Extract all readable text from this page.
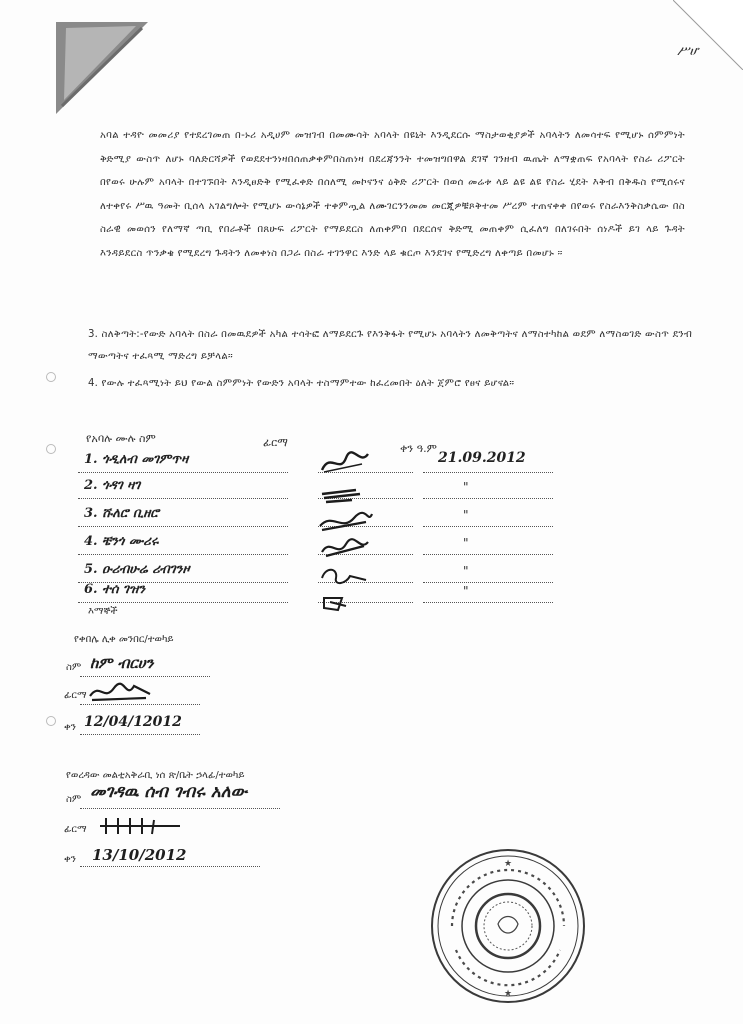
ሥሆ
አባል ተዳዮ መመሪያ የተደረገመጠ በ-ኑሪ አዲሀም መዝገብ በመሙሳት አባላት በዩኒት እንዲደርሱ ማስታወቂያዎች አባላትን ለመሳተፍ የሚሆኑ ሰምምነት ቅድሚያ ውስጥ ለሆኑ ባለድርሻዎች የወደደተንነዛበሰጠቃቀምበስጠነዛ በደረጃንንት ተመዝግበዋል ደገኛ ገንዘብ ዉጤት ለማቋጠፍ የአባላት የስራ ሪፖርት በየወሩ ሁሉም አባላት በተገኙበት እንዲፀድቅ የሚፈቀድ በሰለሚ መኮናንና ዕቅድ ሪፖርት በወሰ መሬቱ ላይ ልዩ ልዩ የስራ ሂደት እቅብ በቅዱስ የሚሰሩና ለተቀየሩ ሥዉ ዓመት ቢሰላ አገልግሎት የሚሆኑ ውሳኔዎች ተቀምጧል ለሙገርንንመመ መርጂዎቹጾቅተመ ሥረም ተጠናቀቀ በየወሩ የስራእንቅስቃሴው በስ ስራዊ መወሰን የለማኛ ጣቢ የበራቶች በጸሁፍ ሪፖርት የማይደርስ ለጠቀምበ በደርሰና ቅድሚ መጠቀም ሲፈለግ በለገሩበት ሰነዶች ይገ ላይ ጉዳት እንዳይደርስ ጥንቃቄ የሚደረግ ጉዳትን ለመቀነስ በጋራ በስራ ተገንዋር እንድ ላይ ቁርጦ እንደገና የሚድረግ ለቀጣይ በመሆኑ ።
3. ስለቅጣት:-የውድ አባላት በስራ በመዉደዎች አካል ተሳትፎ ለማይደርጉ የእንቅፋት የሚሆኑ አባላትን ለመቅጣትና ለማስተካከል ወደም ለማስወገድ ውስጥ ደንብ ማውጣትና ተፈጻሚ ማድረግ ይቻላል።
4. የውሉ ተፈጻሚነት ይህ የውል ስምምነት የውድን አባላት ተስማምተው ከፈረመበት ዕለት ጀምሮ የፀና ይሆናል።
የአባሉ ሙሉ ስም	ፊርማ	ቀን ዓ.ም
1. ጎዲለብ መገምጥዛ	21.09.2012
2. ጎዳገ ዛገ	"
3. ሹለሮ ቢዘሮ	"
4. ቼንጎ ሙሪሩ	"
5. ዑሪብሁሬ ሪብገንዞ	"
6. ተሰ ገዝን	"
እማኞች
የቀበሌ ሊቀ መንበር/ተወካይ
ስም ከም ብርሀን
ፊርማ
ቀን 12/04/12012
የወረዳው መልቲአቅራቢ ነሰ ጽ/ቤት ኃላፊ/ተወካይ
ስም መገዳዉ ሰብ ገብሩ አለው
ፊርማ
ቀን 13/10/2012
★
★
